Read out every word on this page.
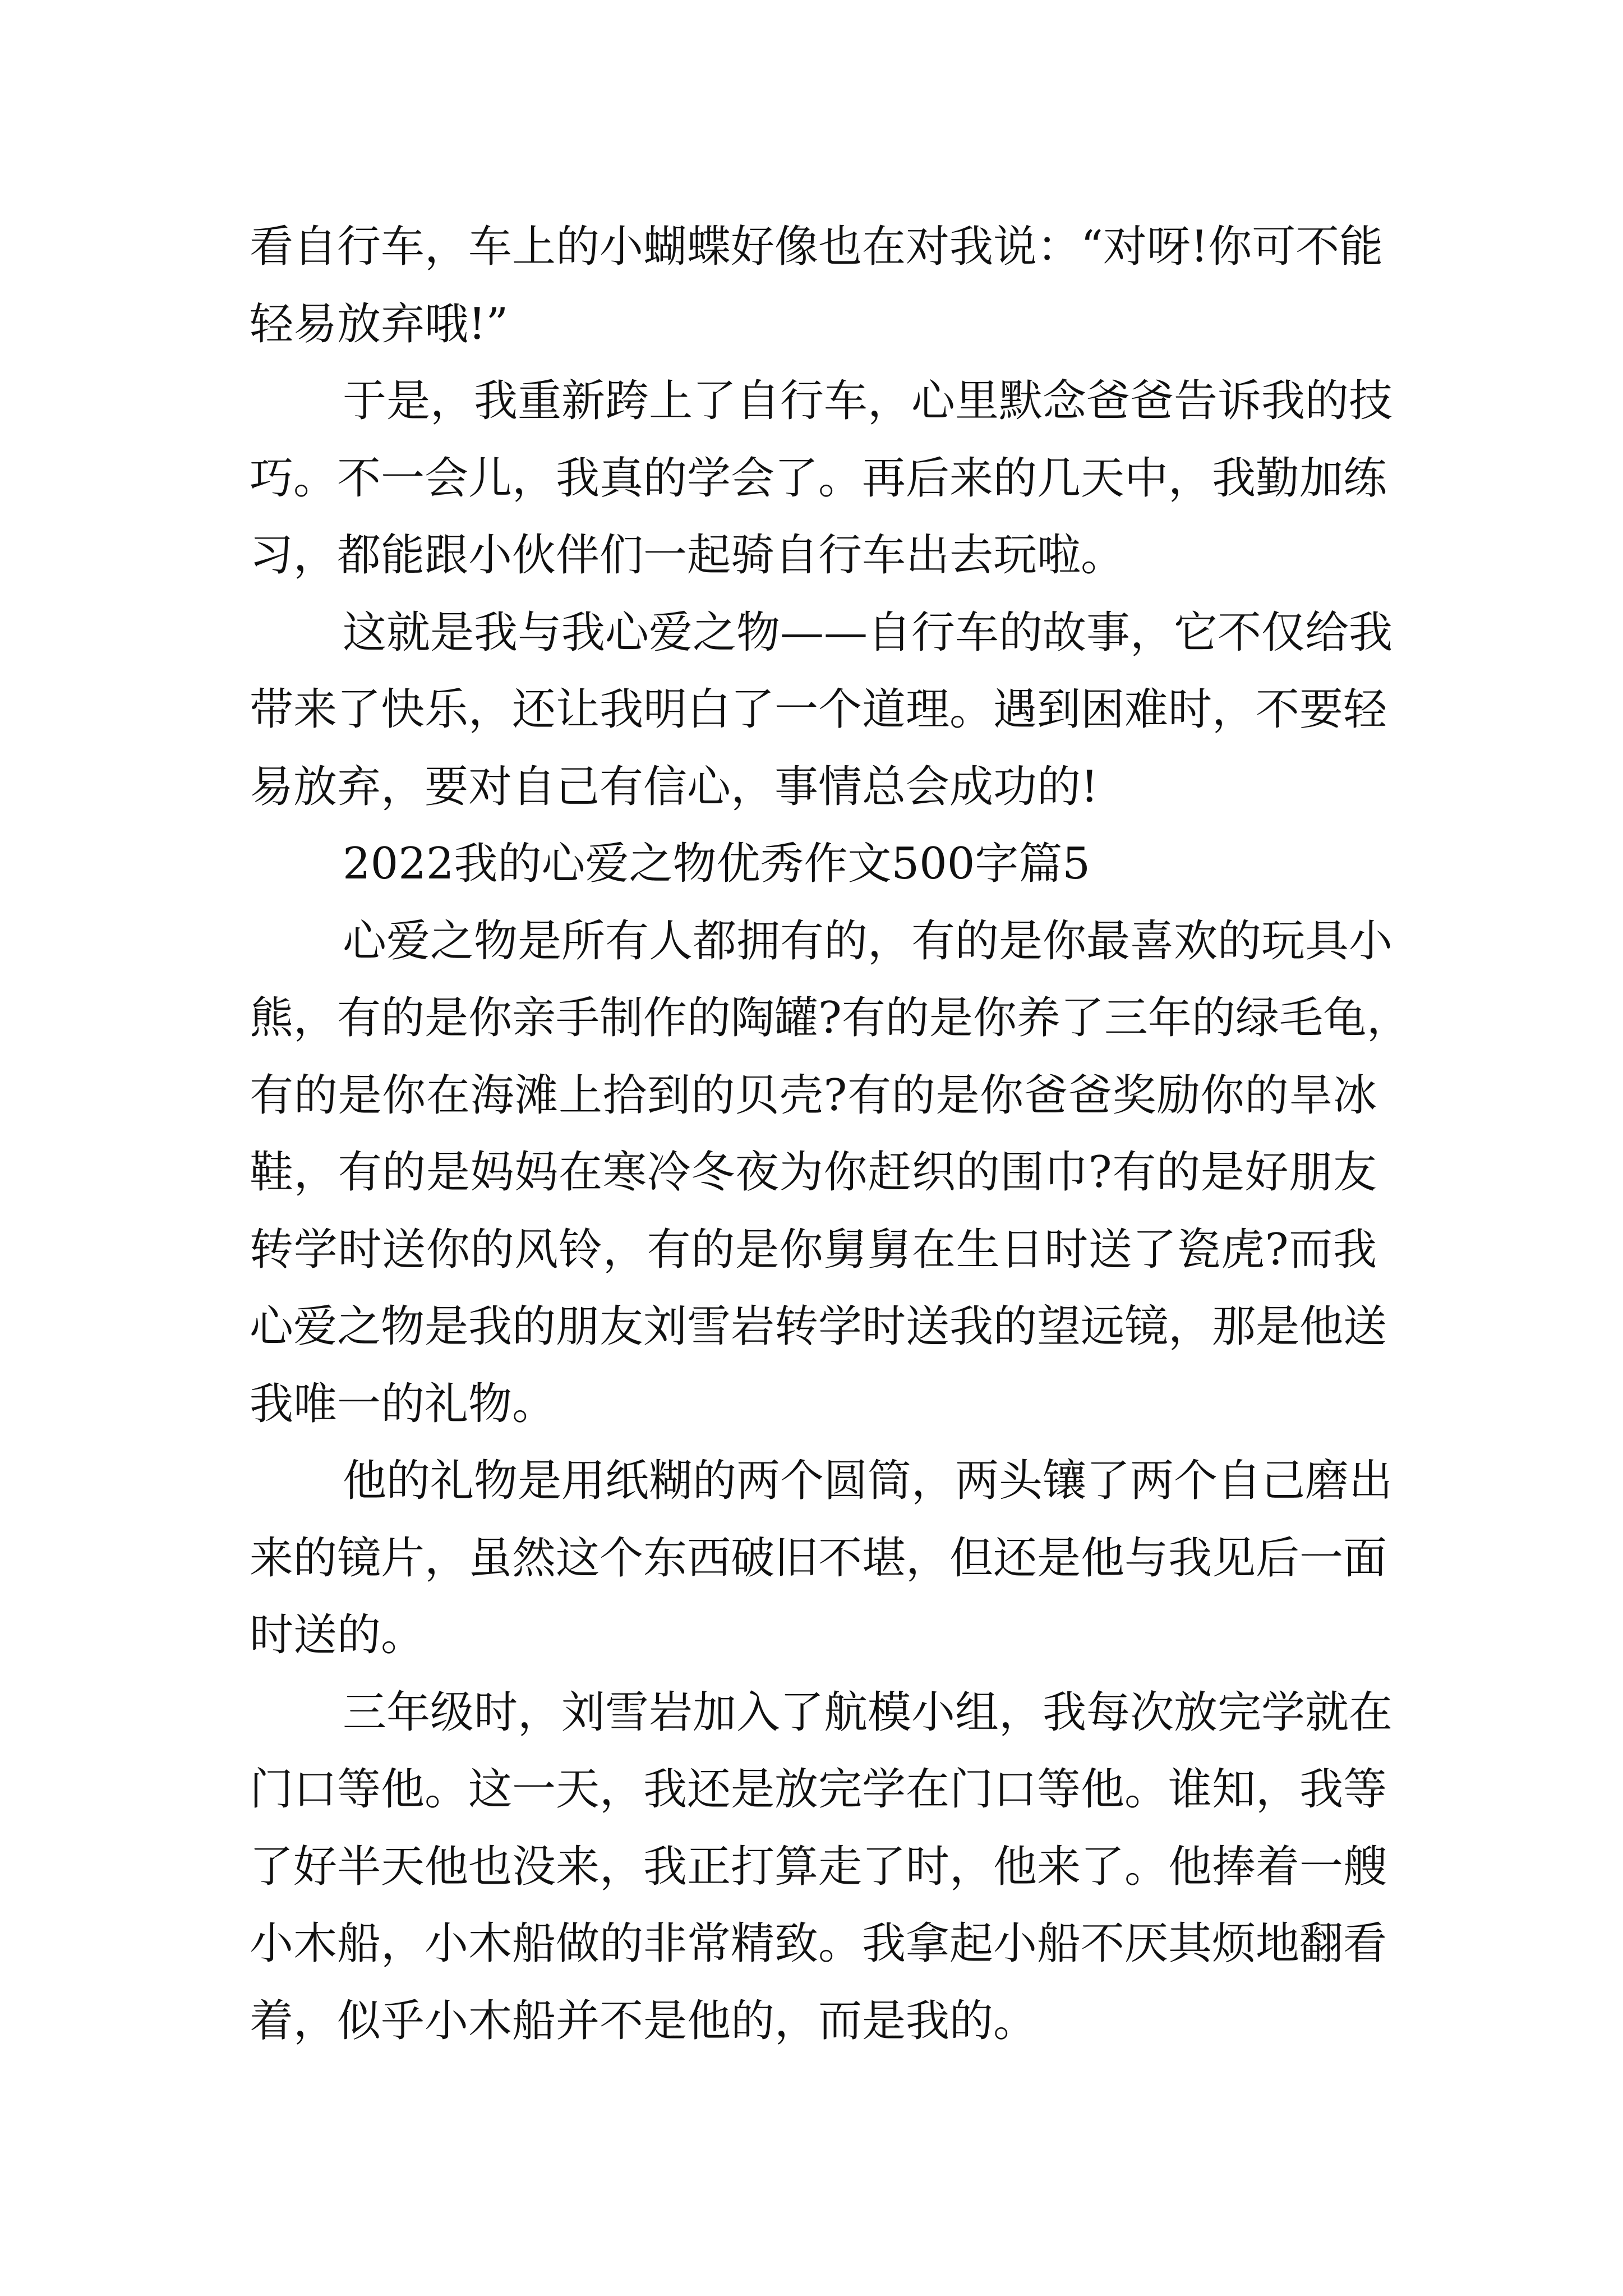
看自行车，车上的小蝴蝶好像也在对我说：“对呀!你可不能
轻易放弃哦!”
于是，我重新跨上了自行车，心里默念爸爸告诉我的技
巧。不一会儿，我真的学会了。再后来的几天中，我勤加练
习，都能跟小伙伴们一起骑自行车出去玩啦。
这就是我与我心爱之物——自行车的故事，它不仅给我
带来了快乐，还让我明白了一个道理。遇到困难时，不要轻
易放弃，要对自己有信心，事情总会成功的!
2022我的心爱之物优秀作文500字篇5
心爱之物是所有人都拥有的，有的是你最喜欢的玩具小
熊，有的是你亲手制作的陶罐?有的是你养了三年的绿毛龟，
有的是你在海滩上拾到的贝壳?有的是你爸爸奖励你的旱冰
鞋，有的是妈妈在寒冷冬夜为你赶织的围巾?有的是好朋友
转学时送你的风铃，有的是你舅舅在生日时送了瓷虎?而我
心爱之物是我的朋友刘雪岩转学时送我的望远镜，那是他送
我唯一的礼物。
他的礼物是用纸糊的两个圆筒，两头镶了两个自己磨出
来的镜片，虽然这个东西破旧不堪，但还是他与我见后一面
时送的。
三年级时，刘雪岩加入了航模小组，我每次放完学就在
门口等他。这一天，我还是放完学在门口等他。谁知，我等
了好半天他也没来，我正打算走了时，他来了。他捧着一艘
小木船，小木船做的非常精致。我拿起小船不厌其烦地翻看
着，似乎小木船并不是他的，而是我的。
